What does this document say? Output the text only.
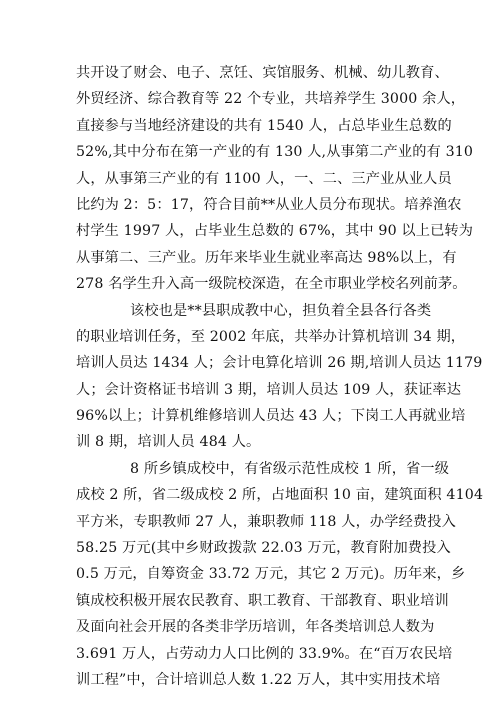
共开设了财会、电子、烹饪、宾馆服务、机械、幼儿教育、
外贸经济、综合教育等 22 个专业，共培养学生 3000 余人，
直接参与当地经济建设的共有 1540 人，占总毕业生总数的
52%,其中分布在第一产业的有 130 人,从事第二产业的有 310
人，从事第三产业的有 1100 人，一、二、三产业从业人员
比约为 2：5：17，符合目前**从业人员分布现状。培养渔农
村学生 1997 人，占毕业生总数的 67%，其中 90 以上已转为
从事第二、三产业。历年来毕业生就业率高达 98%以上，有
278 名学生升入高一级院校深造，在全市职业学校名列前茅。
该校也是**县职成教中心，担负着全县各行各类
的职业培训任务，至 2002 年底，共举办计算机培训 34 期，
培训人员达 1434 人；会计电算化培训 26 期,培训人员达 1179
人；会计资格证书培训 3 期，培训人员达 109 人，获证率达
96%以上；计算机维修培训人员达 43 人；下岗工人再就业培
训 8 期，培训人员 484 人。
8 所乡镇成校中，有省级示范性成校 1 所，省一级
成校 2 所，省二级成校 2 所，占地面积 10 亩，建筑面积 4104
平方米，专职教师 27 人，兼职教师 118 人，办学经费投入
58.25 万元(其中乡财政拨款 22.03 万元，教育附加费投入
0.5 万元，自筹资金 33.72 万元，其它 2 万元)。历年来，乡
镇成校积极开展农民教育、职工教育、干部教育、职业培训
及面向社会开展的各类非学历培训，年各类培训总人数为
3.691 万人，占劳动力人口比例的 33.9%。在“百万农民培
训工程”中，合计培训总人数 1.22 万人，其中实用技术培
